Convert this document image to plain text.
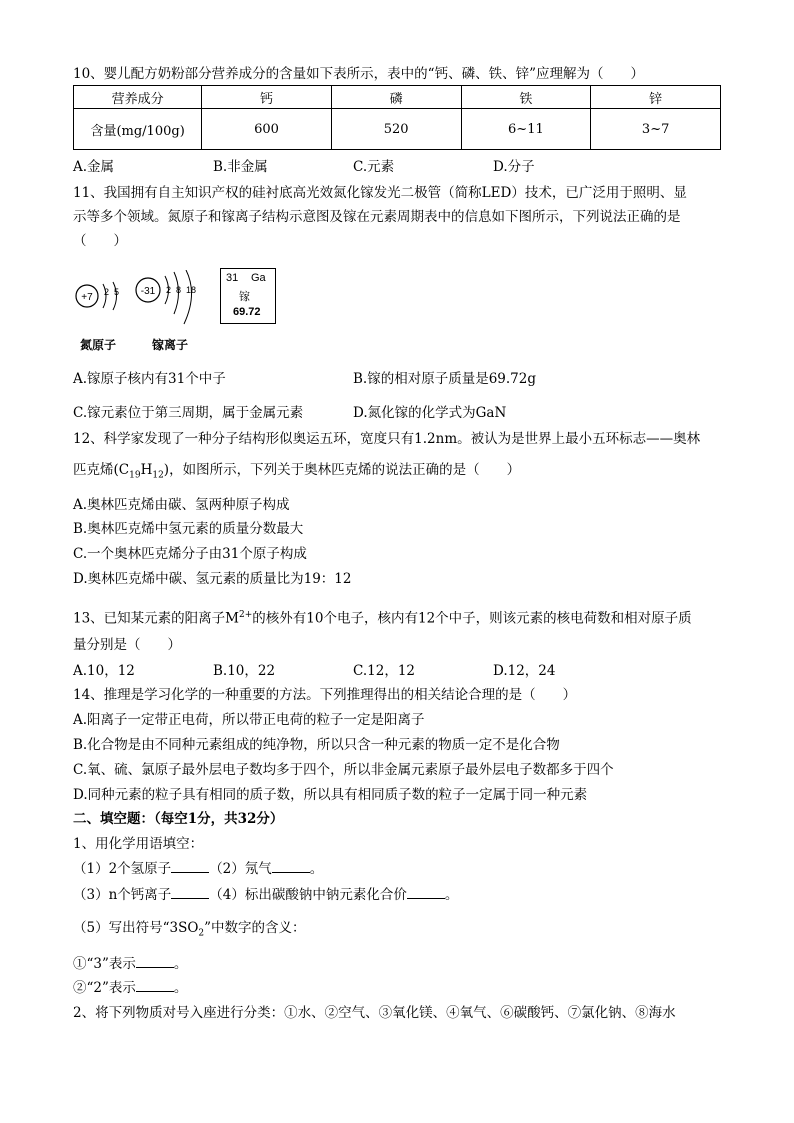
10、婴儿配方奶粉部分营养成分的含量如下表所示，表中的“钙、磷、铁、锌”应理解为（　　）
营养成分	钙	磷	铁	锌
含量(mg/100g)	600	520	6~11	3~7
A.金属	B.非金属	C.元素	D.分子
11、我国拥有自主知识产权的硅衬底高光效氮化镓发光二极管（简称LED）技术，已广泛用于照明、显
示等多个领域。氮原子和镓离子结构示意图及镓在元素周期表中的信息如下图所示，下列说法正确的是
（　　）
+7 2 5 -31 2 8 18
31 Ga
镓
69.72
氮原子	镓离子
A.镓原子核内有31个中子	B.镓的相对原子质量是69.72g
C.镓元素位于第三周期，属于金属元素	D.氮化镓的化学式为GaN
12、科学家发现了一种分子结构形似奥运五环，宽度只有1.2nm。被认为是世界上最小五环标志——奥林
匹克烯$(C_{19}H_{12})$，如图所示，下列关于奥林匹克烯的说法正确的是（　　）
A.奥林匹克烯由碳、氢两种原子构成
B.奥林匹克烯中氢元素的质量分数最大
C.一个奥林匹克烯分子由31个原子构成
D.奥林匹克烯中碳、氢元素的质量比为19：12
13、已知某元素的阳离子$M^{2+}$的核外有10个电子，核内有12个中子，则该元素的核电荷数和相对原子质
量分别是（　　）
A.10，12	B.10，22	C.12，12	D.12，24
14、推理是学习化学的一种重要的方法。下列推理得出的相关结论合理的是（　　）
A.阳离子一定带正电荷，所以带正电荷的粒子一定是阳离子
B.化合物是由不同种元素组成的纯净物，所以只含一种元素的物质一定不是化合物
C.氧、硫、氯原子最外层电子数均多于四个，所以非金属元素原子最外层电子数都多于四个
D.同种元素的粒子具有相同的质子数，所以具有相同质子数的粒子一定属于同一种元素
二、填空题：（每空1分，共32分）
1、用化学用语填空：
（1）2个氢原子	（2）氖气	。
（3）n个钙离子	（4）标出碳酸钠中钠元素化合价	。
（5）写出符号“$3SO_2$”中数字的含义：
①“3”表示	。
②“2”表示	。
2、将下列物质对号入座进行分类：①水、②空气、③氧化镁、④氧气、⑥碳酸钙、⑦氯化钠、⑧海水
